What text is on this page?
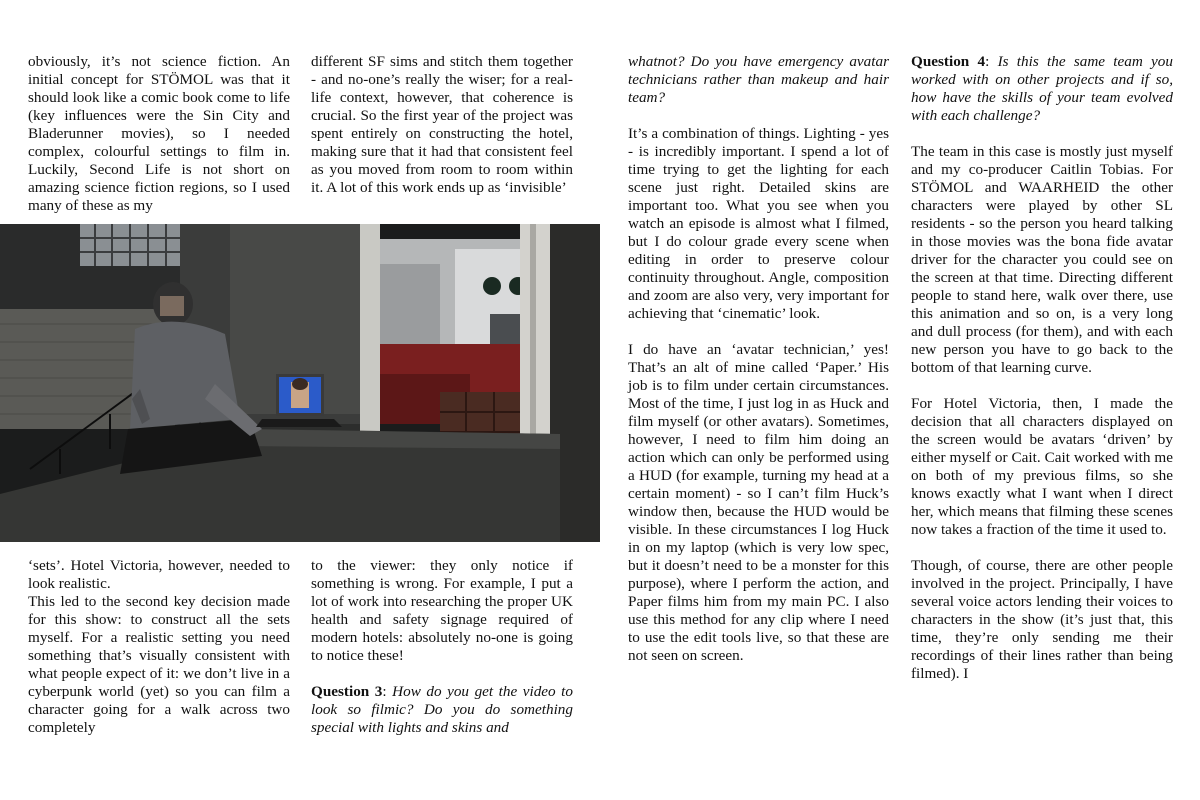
obviously, it’s not science fiction. An initial concept for STÖMOL was that it should look like a comic book come to life (key influences were the Sin City and Bladerunner movies), so I needed complex, colourful settings to film in. Luckily, Second Life is not short on amazing science fiction regions, so I used many of these as my

different SF sims and stitch them together - and no-one’s really the wiser; for a real-life context, however, that coherence is crucial. So the first year of the project was spent entirely on constructing the hotel, making sure that it had that consistent feel as you moved from room to room within it. A lot of this work ends up as ‘invisible’

‘sets’. Hotel Victoria, however, needed to look realistic.

This led to the second key decision made for this show: to construct all the sets myself. For a realistic setting you need something that’s visually consistent with what people expect of it: we don’t live in a cyberpunk world (yet) so you can film a character going for a walk across two completely

to the viewer: they only notice if something is wrong. For example, I put a lot of work into researching the proper UK health and safety signage required of modern hotels: absolutely no-one is going to notice these!

Question 3: How do you get the video to look so filmic? Do you do something special with lights and skins and

whatnot? Do you have emergency avatar technicians rather than makeup and hair team?

It’s a combination of things. Lighting - yes - is incredibly important. I spend a lot of time trying to get the lighting for each scene just right. Detailed skins are important too. What you see when you watch an episode is almost what I filmed, but I do colour grade every scene when editing in order to preserve colour continuity throughout. Angle, composition and zoom are also very, very important for achieving that ‘cinematic’ look.

I do have an ‘avatar technician,’ yes! That’s an alt of mine called ‘Paper.’ His job is to film under certain circumstances. Most of the time, I just log in as Huck and film myself (or other avatars). Sometimes, however, I need to film him doing an action which can only be performed using a HUD (for example, turning my head at a certain moment) - so I can’t film Huck’s window then, because the HUD would be visible. In these circumstances I log Huck in on my laptop (which is very low spec, but it doesn’t need to be a monster for this purpose), where I perform the action, and Paper films him from my main PC. I also use this method for any clip where I need to use the edit tools live, so that these are not seen on screen.

Question 4: Is this the same team you worked with on other projects and if so, how have the skills of your team evolved with each challenge?

The team in this case is mostly just myself and my co-producer Caitlin Tobias. For STÖMOL and WAARHEID the other characters were played by other SL residents - so the person you heard talking in those movies was the bona fide avatar driver for the character you could see on the screen at that time. Directing different people to stand here, walk over there, use this animation and so on, is a very long and dull process (for them), and with each new person you have to go back to the bottom of that learning curve.

For Hotel Victoria, then, I made the decision that all characters displayed on the screen would be avatars ‘driven’ by either myself or Cait. Cait worked with me on both of my previous films, so she knows exactly what I want when I direct her, which means that filming these scenes now takes a fraction of the time it used to.

Though, of course, there are other people involved in the project. Principally, I have several voice actors lending their voices to characters in the show (it’s just that, this time, they’re only sending me their recordings of their lines rather than being filmed). I
